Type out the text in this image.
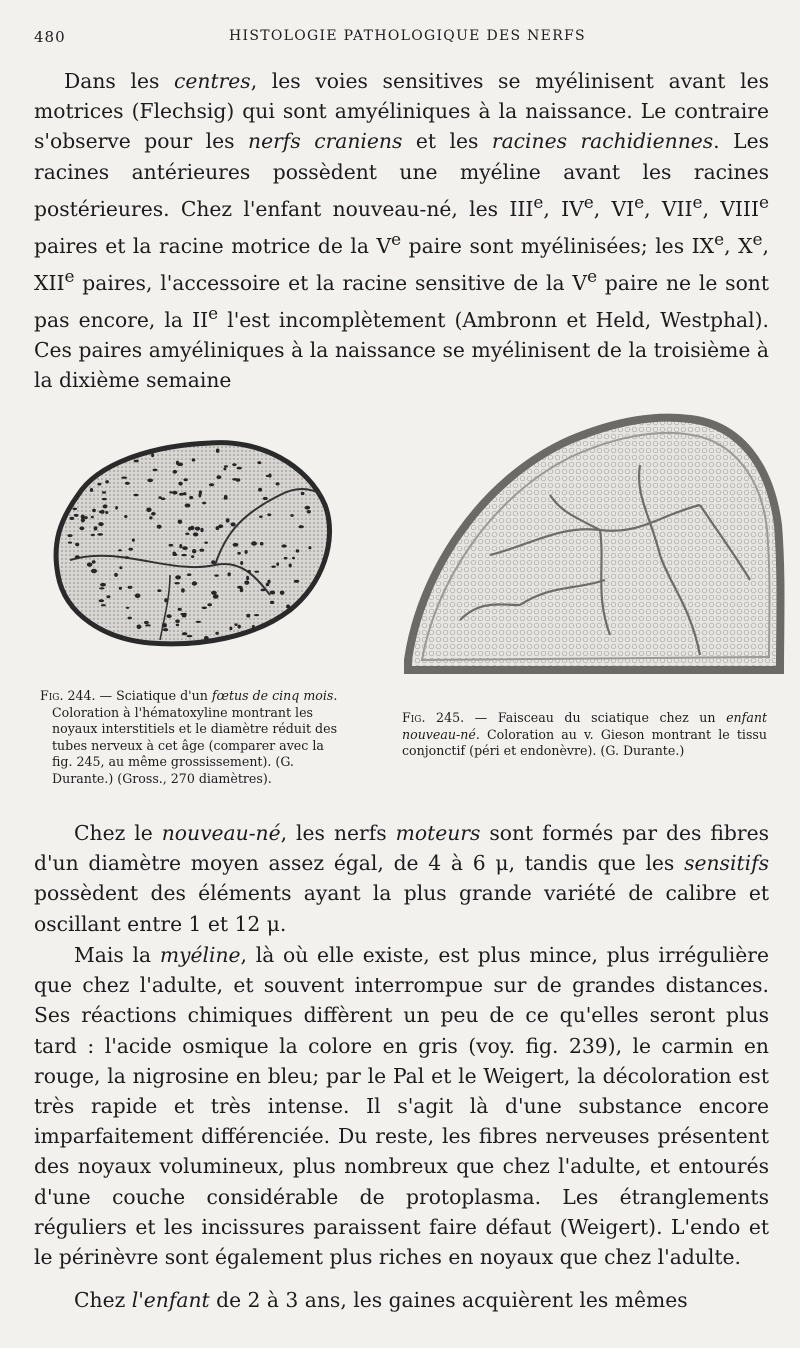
480	HISTOLOGIE PATHOLOGIQUE DES NERFS

Dans les centres, les voies sensitives se myélinisent avant les motrices (Flechsig) qui sont amyéliniques à la naissance. Le contraire s'observe pour les nerfs craniens et les racines rachidiennes. Les racines antérieures possèdent une myéline avant les racines postérieures. Chez l'enfant nouveau-né, les IIIe, IVe, VIe, VIIe, VIIIe paires et la racine motrice de la Ve paire sont myélinisées; les IXe, Xe, XIIe paires, l'accessoire et la racine sensitive de la Ve paire ne le sont pas encore, la IIe l'est incomplètement (Ambronn et Held, Westphal). Ces paires amyéliniques à la naissance se myélinisent de la troisième à la dixième semaine

Fig. 244. — Sciatique d'un fœtus de cinq mois.
Coloration à l'hématoxyline montrant les noyaux interstitiels et le diamètre réduit des tubes nerveux à cet âge (comparer avec la fig. 245, au même grossissement). (G. Durante.) (Gross., 270 diamètres).
Fig. 245. — Faisceau du sciatique chez un enfant nouveau-né. Coloration au v. Gieson montrant le tissu conjonctif (péri et endonèvre). (G. Durante.)

Chez le nouveau-né, les nerfs moteurs sont formés par des fibres d'un diamètre moyen assez égal, de 4 à 6 μ, tandis que les sensitifs possèdent des éléments ayant la plus grande variété de calibre et oscillant entre 1 et 12 μ.

Mais la myéline, là où elle existe, est plus mince, plus irrégulière que chez l'adulte, et souvent interrompue sur de grandes distances. Ses réactions chimiques diffèrent un peu de ce qu'elles seront plus tard : l'acide osmique la colore en gris (voy. fig. 239), le carmin en rouge, la nigrosine en bleu; par le Pal et le Weigert, la décoloration est très rapide et très intense. Il s'agit là d'une substance encore imparfaitement différenciée. Du reste, les fibres nerveuses présentent des noyaux volumineux, plus nombreux que chez l'adulte, et entourés d'une couche considérable de protoplasma. Les étranglements réguliers et les incissures paraissent faire défaut (Weigert). L'endo et le périnèvre sont également plus riches en noyaux que chez l'adulte.

Chez l'enfant de 2 à 3 ans, les gaines acquièrent les mêmes
